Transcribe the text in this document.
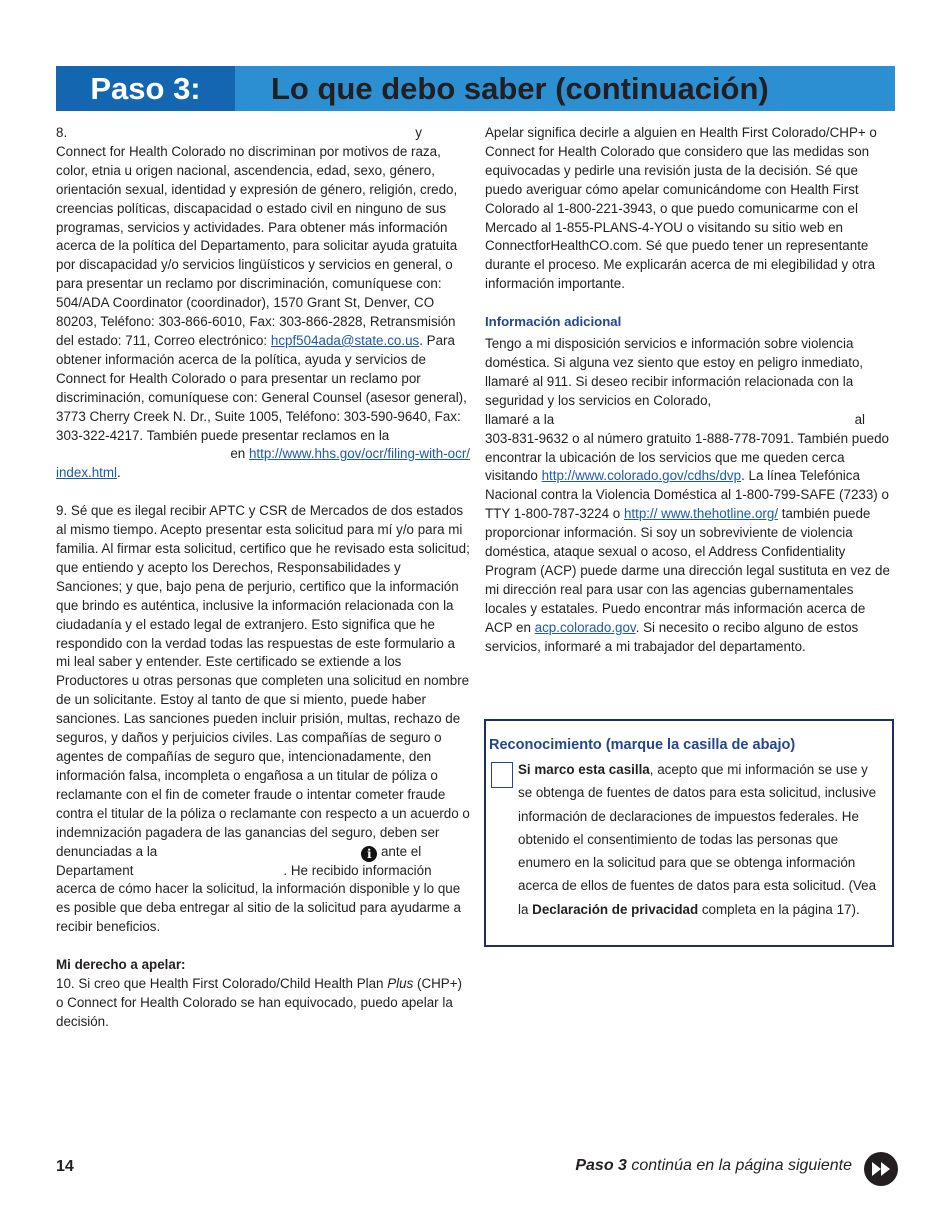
Paso 3:	Lo que debo saber (continuación)

8.	y

Connect for Health Colorado no discriminan por motivos de raza, color, etnia u origen nacional, ascendencia, edad, sexo, género, orientación sexual, identidad y expresión de género, religión, credo, creencias políticas, discapacidad o estado civil en ninguno de sus programas, servicios y actividades. Para obtener más información acerca de la política del Departamento, para solicitar ayuda gratuita por discapacidad y/o servicios lingüísticos y servicios en general, o para presentar un reclamo por discriminación, comuníquese con: 504/ADA Coordinator (coordinador), 1570 Grant St, Denver, CO 80203, Teléfono: 303-866-6010, Fax: 303-866-2828, Retransmisión del estado: 711, Correo electrónico: hcpf504ada@state.co.us. Para obtener información acerca de la política, ayuda y servicios de Connect for Health Colorado o para presentar un reclamo por discriminación, comuníquese con: General Counsel (asesor general), 3773 Cherry Creek N. Dr., Suite 1005, Teléfono: 303-590-9640, Fax: 303-322-4217. También puede presentar reclamos en la

en http://www.hhs.gov/ocr/filing-with-ocr/

index.html.

9. Sé que es ilegal recibir APTC y CSR de Mercados de dos estados al mismo tiempo. Acepto presentar esta solicitud para mí y/o para mi familia. Al firmar esta solicitud, certifico que he revisado esta solicitud; que entiendo y acepto los Derechos, Responsabilidades y Sanciones; y que, bajo pena de perjurio, certifico que la información que brindo es auténtica, inclusive la información relacionada con la ciudadanía y el estado legal de extranjero. Esto significa que he respondido con la verdad todas las respuestas de este formulario a mi leal saber y entender. Este certificado se extiende a los Productores u otras personas que completen una solicitud en nombre de un solicitante. Estoy al tanto de que si miento, puede haber sanciones. Las sanciones pueden incluir prisión, multas, rechazo de seguros, y daños y perjuicios civiles. Las compañías de seguro o agentes de compañías de seguro que, intencionadamente, den información falsa, incompleta o engañosa a un titular de póliza o reclamante con el fin de cometer fraude o intentar cometer fraude contra el titular de la póliza o reclamante con respecto a un acuerdo o indemnización pagadera de las ganancias del seguro, deben ser

denunciadas a la	i ante el

Departament	. He recibido información

acerca de cómo hacer la solicitud, la información disponible y lo que es posible que deba entregar al sitio de la solicitud para ayudarme a recibir beneficios.

Mi derecho a apelar:

10. Si creo que Health First Colorado/Child Health Plan Plus (CHP+) o Connect for Health Colorado se han equivocado, puedo apelar la decisión.

Apelar significa decirle a alguien en Health First Colorado/CHP+ o Connect for Health Colorado que considero que las medidas son equivocadas y pedirle una revisión justa de la decisión. Sé que puedo averiguar cómo apelar comunicándome con Health First Colorado al 1-800-221-3943, o que puedo comunicarme con el Mercado al 1-855-PLANS-4-YOU o visitando su sitio web en ConnectforHealthCO.com. Sé que puedo tener un representante durante el proceso. Me explicarán acerca de mi elegibilidad y otra información importante.

Información adicional

Tengo a mi disposición servicios e información sobre violencia doméstica. Si alguna vez siento que estoy en peligro inmediato, llamaré al 911. Si deseo recibir información relacionada con la seguridad y los servicios en Colorado,

llamaré a la	al

303-831-9632 o al número gratuito 1-888-778-7091. También puedo encontrar la ubicación de los servicios que me queden cerca visitando http://www.colorado.gov/cdhs/dvp. La línea Telefónica Nacional contra la Violencia Doméstica al 1-800-799-SAFE (7233) o TTY 1-800-787-3224 o http:// www.thehotline.org/ también puede proporcionar información. Si soy un sobreviviente de violencia doméstica, ataque sexual o acoso, el Address Confidentiality Program (ACP) puede darme una dirección legal sustituta en vez de mi dirección real para usar con las agencias gubernamentales locales y estatales. Puedo encontrar más información acerca de ACP en acp.colorado.gov. Si necesito o recibo alguno de estos servicios, informaré a mi trabajador del departamento.

Reconocimiento (marque la casilla de abajo)
Si marco esta casilla, acepto que mi información se use y se obtenga de fuentes de datos para esta solicitud, inclusive información de declaraciones de impuestos federales. He obtenido el consentimiento de todas las personas que enumero en la solicitud para que se obtenga información acerca de ellos de fuentes de datos para esta solicitud. (Vea la Declaración de privacidad completa en la página 17).
14	Paso 3 continúa en la página siguiente
